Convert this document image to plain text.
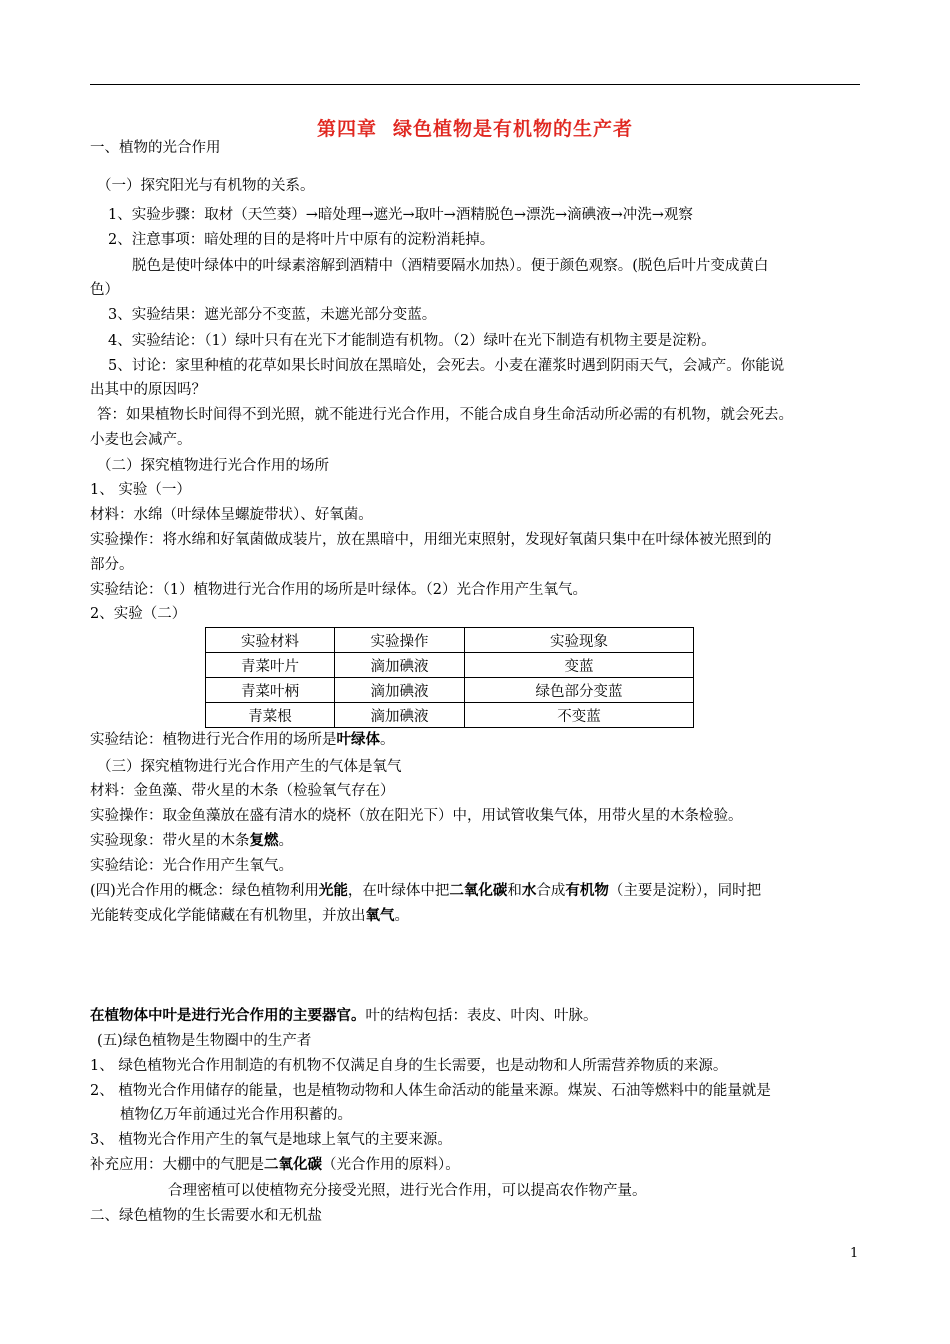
第四章 绿色植物是有机物的生产者
一、植物的光合作用
（一）探究阳光与有机物的关系。
1、实验步骤：取材（天竺葵）→暗处理→遮光→取叶→酒精脱色→漂洗→滴碘液→冲洗→观察
2、注意事项：暗处理的目的是将叶片中原有的淀粉消耗掉。
脱色是使叶绿体中的叶绿素溶解到酒精中（酒精要隔水加热）。便于颜色观察。(脱色后叶片变成黄白
色）
3、实验结果：遮光部分不变蓝，未遮光部分变蓝。
4、实验结论：（1）绿叶只有在光下才能制造有机物。（2）绿叶在光下制造有机物主要是淀粉。
5、讨论：家里种植的花草如果长时间放在黑暗处，会死去。小麦在灌浆时遇到阴雨天气，会减产。你能说
出其中的原因吗？
答：如果植物长时间得不到光照，就不能进行光合作用，不能合成自身生命活动所必需的有机物，就会死去。
小麦也会减产。
（二）探究植物进行光合作用的场所
1、 实验（一）
材料：水绵（叶绿体呈螺旋带状）、好氧菌。
实验操作：将水绵和好氧菌做成装片，放在黑暗中，用细光束照射，发现好氧菌只集中在叶绿体被光照到的
部分。
实验结论：（1）植物进行光合作用的场所是叶绿体。（2）光合作用产生氧气。
2、实验（二）
实验材料	实验操作	实验现象
青菜叶片	滴加碘液	变蓝
青菜叶柄	滴加碘液	绿色部分变蓝
青菜根	滴加碘液	不变蓝
实验结论：植物进行光合作用的场所是叶绿体。
（三）探究植物进行光合作用产生的气体是氧气
材料：金鱼藻、带火星的木条（检验氧气存在）
实验操作：取金鱼藻放在盛有清水的烧杯（放在阳光下）中，用试管收集气体，用带火星的木条检验。
实验现象：带火星的木条复燃。
实验结论：光合作用产生氧气。
(四)光合作用的概念：绿色植物利用光能，在叶绿体中把二氧化碳和水合成有机物（主要是淀粉），同时把
光能转变成化学能储藏在有机物里，并放出氧气。
在植物体中叶是进行光合作用的主要器官。叶的结构包括：表皮、叶肉、叶脉。
(五)绿色植物是生物圈中的生产者
1、 绿色植物光合作用制造的有机物不仅满足自身的生长需要，也是动物和人所需营养物质的来源。
2、 植物光合作用储存的能量，也是植物动物和人体生命活动的能量来源。煤炭、石油等燃料中的能量就是
植物亿万年前通过光合作用积蓄的。
3、 植物光合作用产生的氧气是地球上氧气的主要来源。
补充应用：大棚中的气肥是二氧化碳（光合作用的原料）。
合理密植可以使植物充分接受光照，进行光合作用，可以提高农作物产量。
二、绿色植物的生长需要水和无机盐
1
